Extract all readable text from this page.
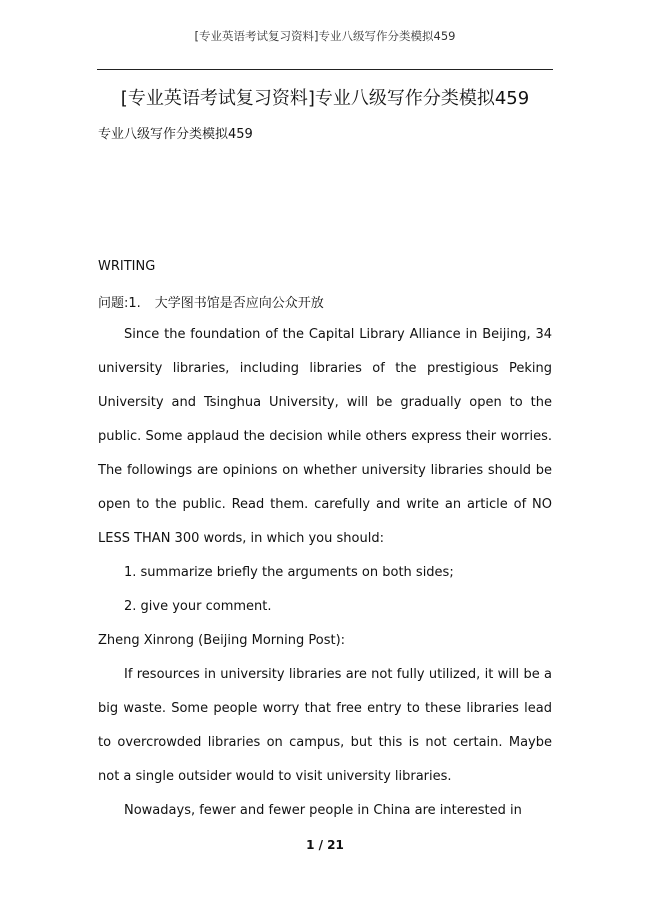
[专业英语考试复习资料]专业八级写作分类模拟459
[专业英语考试复习资料]专业八级写作分类模拟459
专业八级写作分类模拟459
WRITING
问题:1. 大学图书馆是否应向公众开放

Since the foundation of the Capital Library Alliance in Beijing, 34 university libraries, including libraries of the prestigious Peking University and Tsinghua University, will be gradually open to the public. Some applaud the decision while others express their worries. The followings are opinions on whether university libraries should be open to the public. Read them. carefully and write an article of NO LESS THAN 300 words, in which you should:

1. summarize briefly the arguments on both sides;

2. give your comment.

Zheng Xinrong (Beijing Morning Post):

If resources in university libraries are not fully utilized, it will be a big waste. Some people worry that free entry to these libraries lead to overcrowded libraries on campus, but this is not certain. Maybe not a single outsider would to visit university libraries.

Nowadays, fewer and fewer people in China are interested in

1 / 21
